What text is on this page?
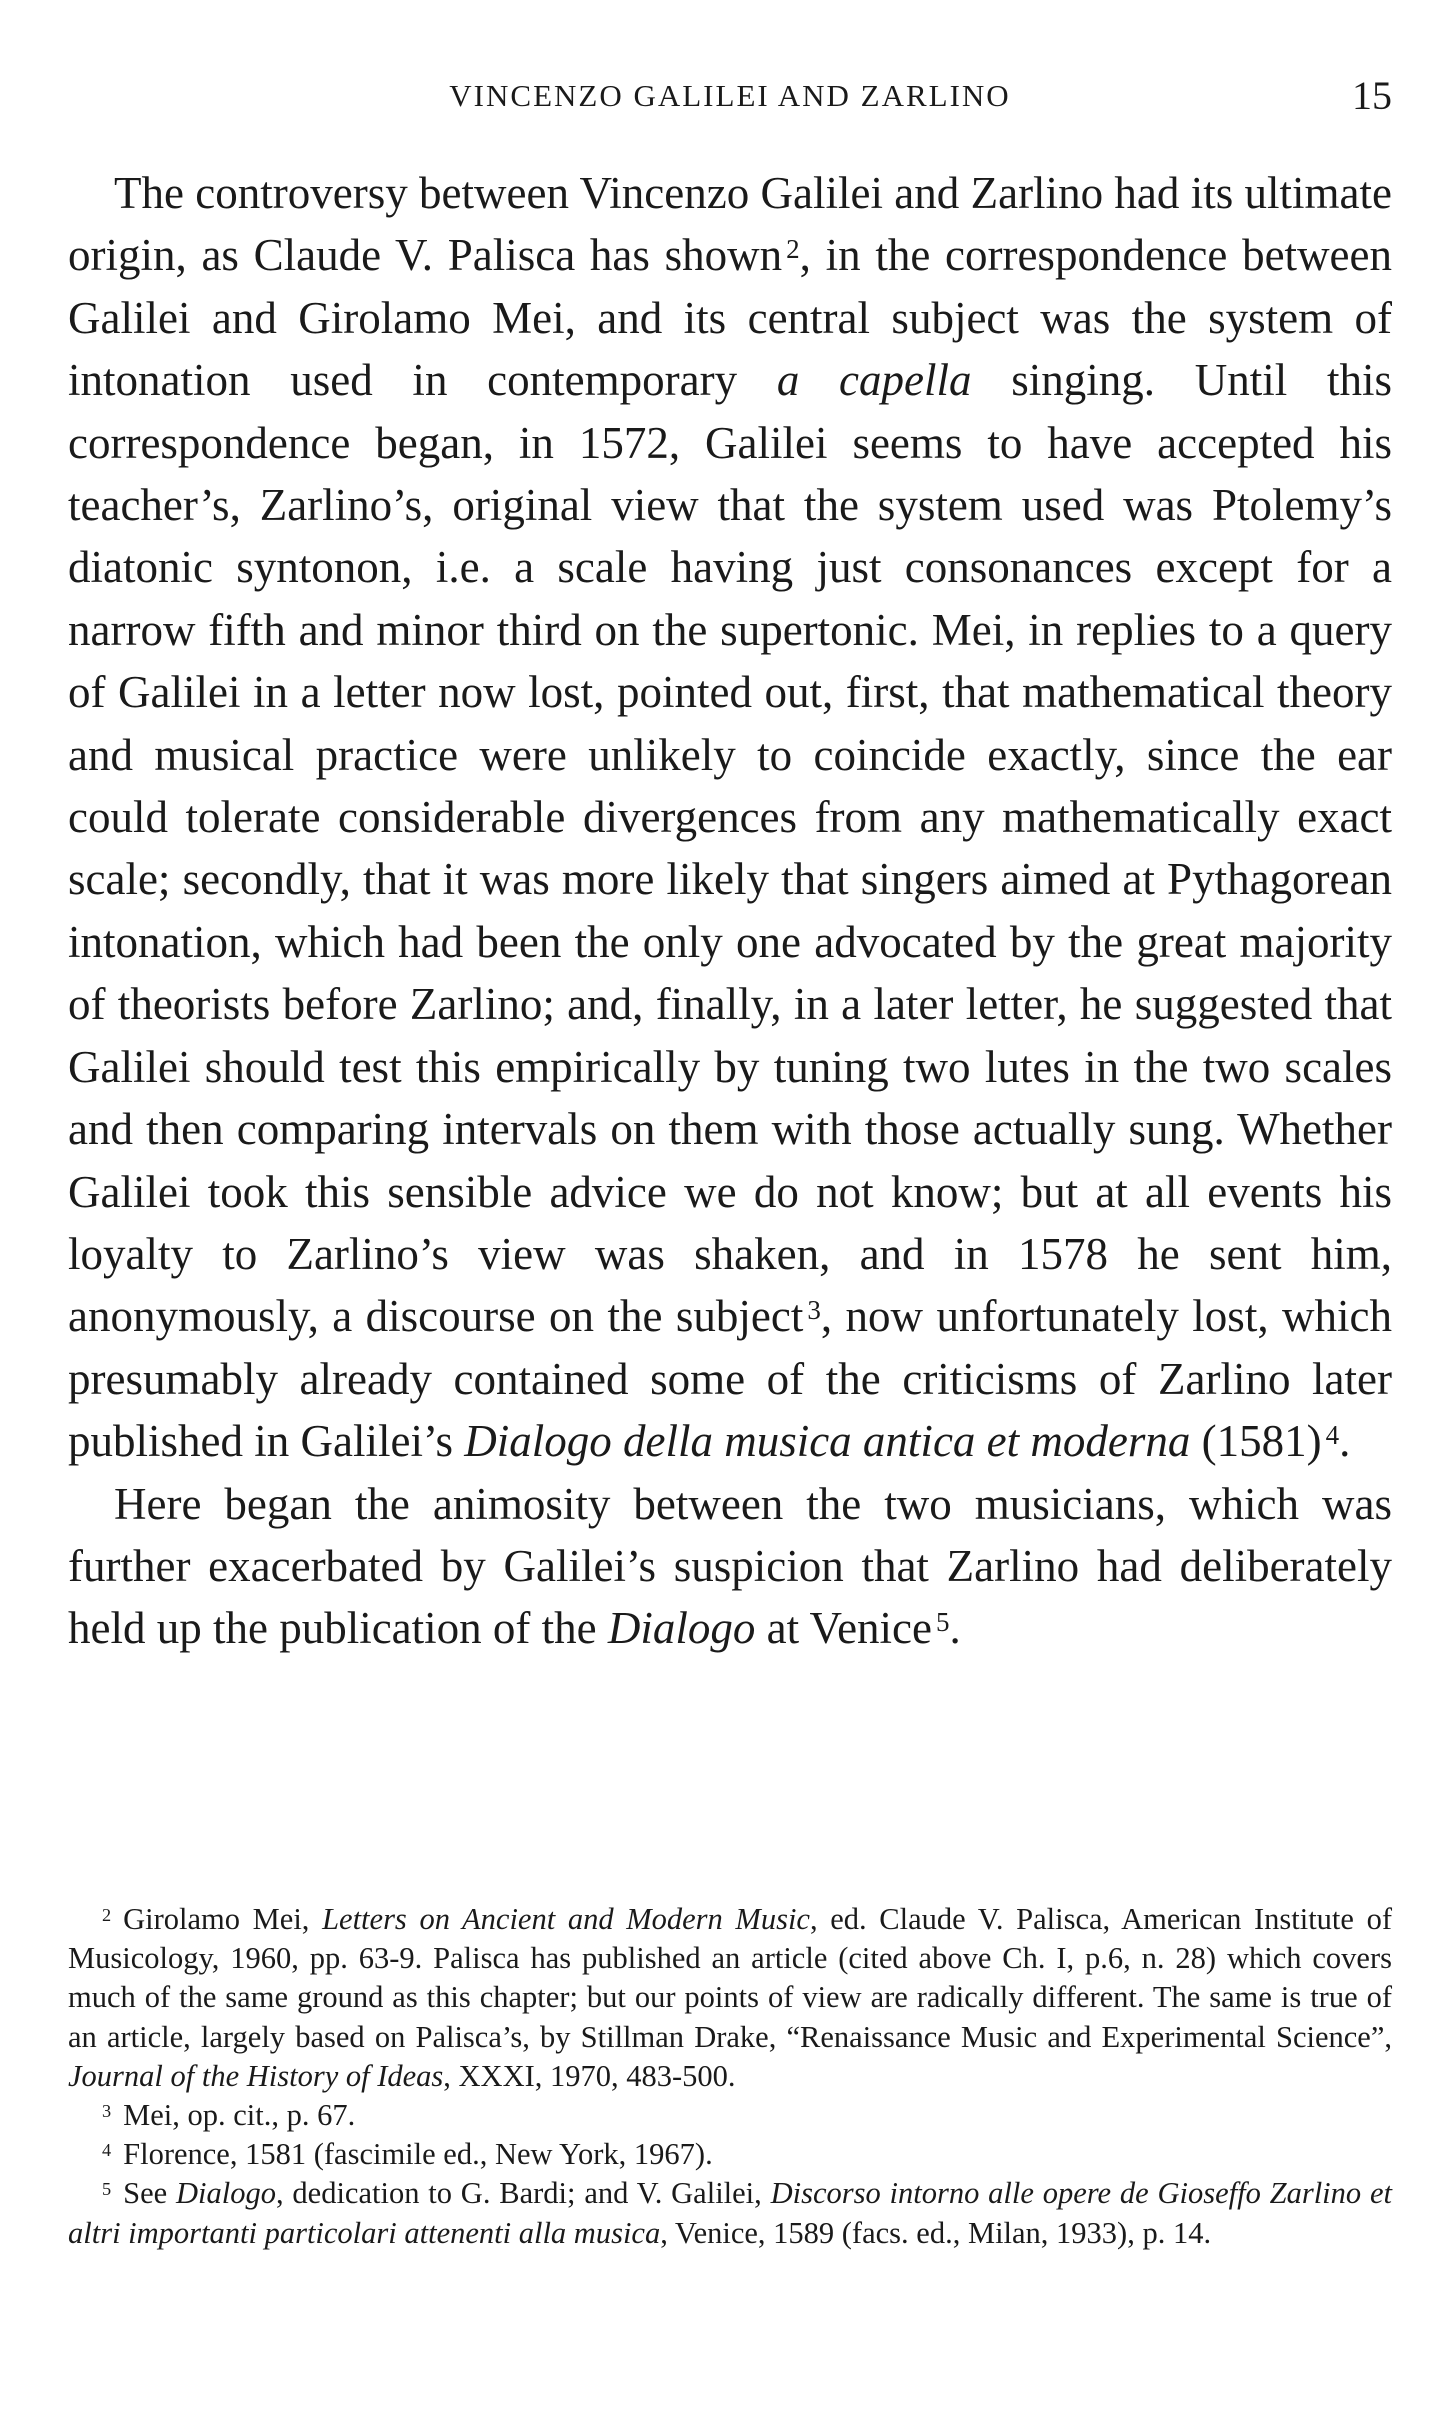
VINCENZO GALILEI AND ZARLINO	15

The controversy between Vincenzo Galilei and Zarlino had its ultimate origin, as Claude V. Palisca has shown $^2$, in the correspondence between Galilei and Girolamo Mei, and its central subject was the system of intonation used in contemporary a capella singing. Until this correspondence began, in 1572, Galilei seems to have accepted his teacher’s, Zarlino’s, original view that the system used was Ptolemy’s diatonic syntonon, i.e. a scale having just consonances except for a narrow fifth and minor third on the supertonic. Mei, in replies to a query of Galilei in a letter now lost, pointed out, first, that mathematical theory and musical practice were unlikely to coincide exactly, since the ear could tolerate considerable divergences from any mathematically exact scale; secondly, that it was more likely that singers aimed at Pythagorean intonation, which had been the only one advocated by the great majority of theorists before Zarlino; and, finally, in a later letter, he suggested that Galilei should test this empirically by tuning two lutes in the two scales and then comparing intervals on them with those actually sung. Whether Galilei took this sensible advice we do not know; but at all events his loyalty to Zarlino’s view was shaken, and in 1578 he sent him, anonymously, a discourse on the subject $^3$, now unfortunately lost, which presumably already contained some of the criticisms of Zarlino later published in Galilei’s Dialogo della musica antica et moderna (1581) $^4$.

Here began the animosity between the two musicians, which was further exacerbated by Galilei’s suspicion that Zarlino had deliberately held up the publication of the Dialogo at Venice $^5$.

$^2$ Girolamo Mei, Letters on Ancient and Modern Music, ed. Claude V. Palisca, American Institute of Musicology, 1960, pp. 63-9. Palisca has published an article (cited above Ch. I, p.6, n. 28) which covers much of the same ground as this chapter; but our points of view are radically different. The same is true of an article, largely based on Palisca’s, by Stillman Drake, “Renaissance Music and Experimental Science”, Journal of the History of Ideas, XXXI, 1970, 483-500.

$^3$ Mei, op. cit., p. 67.

$^4$ Florence, 1581 (fascimile ed., New York, 1967).

$^5$ See Dialogo, dedication to G. Bardi; and V. Galilei, Discorso intorno alle opere de Gioseffo Zarlino et altri importanti particolari attenenti alla musica, Venice, 1589 (facs. ed., Milan, 1933), p. 14.
